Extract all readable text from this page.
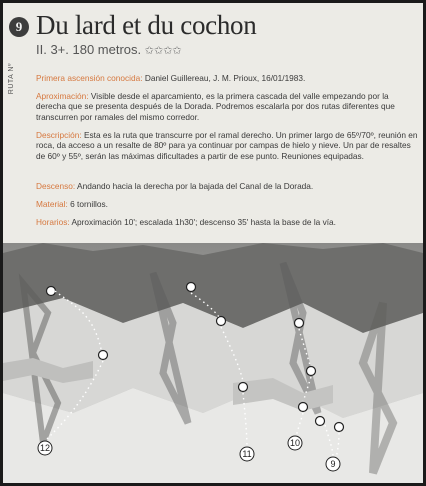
9
RUTA Nº
Du lard et du cochon
II. 3+. 180 metros. ✩✩✩✩
Primera ascensión conocida: Daniel Guillereau, J. M. Prioux, 16/01/1983.
Aproximación: Visible desde el aparcamiento, es la primera cascada del valle empezando por la derecha que se presenta después de la Dorada. Podremos escalarla por dos rutas diferentes que transcurren por ramales del mismo corredor.
Descripción: Esta es la ruta que transcurre por el ramal derecho. Un primer largo de 65º/70º, reunión en roca, da acceso a un resalte de 80º para ya continuar por campas de hielo y nieve. Un par de resaltes de 60º y 55º, serán las máximas dificultades a partir de ese punto. Reuniones equipadas.
Descenso: Andando hacia la derecha por la bajada del Canal de la Dorada.
Material: 6 tornillos.
Horarios: Aproximación 10'; escalada 1h30'; descenso 35' hasta la base de la vía.
12
11
10
9
